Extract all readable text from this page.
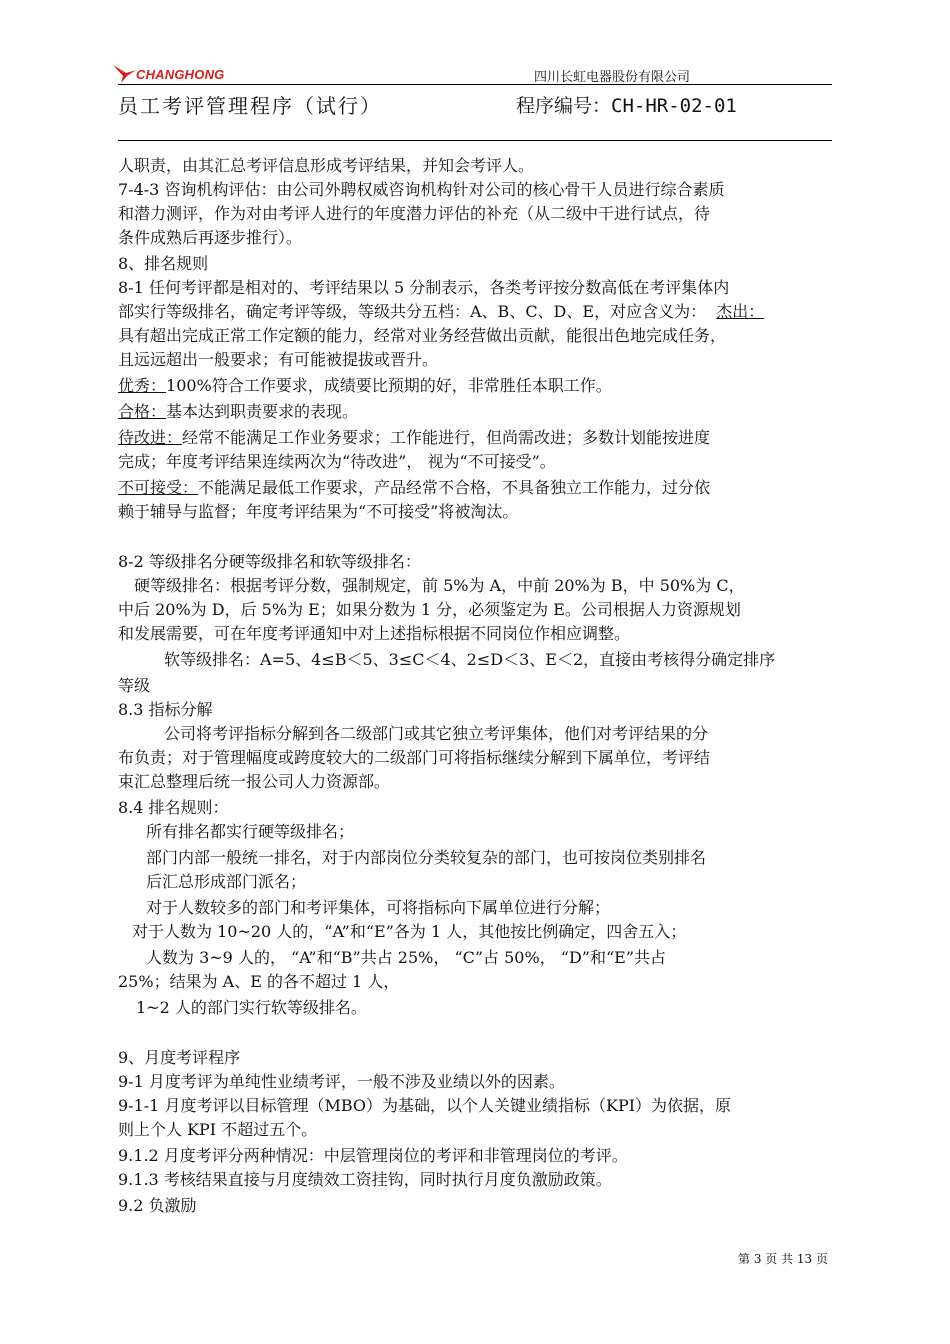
CHANGHONG	四川长虹电器股份有限公司
员工考评管理程序（试行）	程序编号：CH-HR-02-01
人职责，由其汇总考评信息形成考评结果，并知会考评人。
7-4-3 咨询机构评估：由公司外聘权威咨询机构针对公司的核心骨干人员进行综合素质
和潜力测评，作为对由考评人进行的年度潜力评估的补充（从二级中干进行试点，待
条件成熟后再逐步推行）。
8、排名规则
8-1 任何考评都是相对的、考评结果以 5 分制表示，各类考评按分数高低在考评集体内
部实行等级排名，确定考评等级，等级共分五档：A、B、C、D、E，对应含义为： 杰出：
具有超出完成正常工作定额的能力，经常对业务经营做出贡献，能很出色地完成任务，
且远远超出一般要求；有可能被提拔或晋升。
优秀：100%符合工作要求，成绩要比预期的好，非常胜任本职工作。
合格：基本达到职责要求的表现。
待改进：经常不能满足工作业务要求；工作能进行，但尚需改进；多数计划能按进度
完成；年度考评结果连续两次为“待改进”， 视为“不可接受”。
不可接受：不能满足最低工作要求，产品经常不合格，不具备独立工作能力，过分依
赖于辅导与监督；年度考评结果为“不可接受”将被淘汰。
8-2 等级排名分硬等级排名和软等级排名：
硬等级排名：根据考评分数，强制规定，前 5%为 A，中前 20%为 B，中 50%为 C，
中后 20%为 D，后 5%为 E；如果分数为 1 分，必须鉴定为 E。公司根据人力资源规划
和发展需要，可在年度考评通知中对上述指标根据不同岗位作相应调整。
软等级排名：A=5、4≤B＜5、3≤C＜4、2≤D＜3、E＜2，直接由考核得分确定排序
等级
8.3 指标分解
公司将考评指标分解到各二级部门或其它独立考评集体，他们对考评结果的分
布负责；对于管理幅度或跨度较大的二级部门可将指标继续分解到下属单位，考评结
束汇总整理后统一报公司人力资源部。
8.4 排名规则：
所有排名都实行硬等级排名；
部门内部一般统一排名，对于内部岗位分类较复杂的部门，也可按岗位类别排名
后汇总形成部门派名；
对于人数较多的部门和考评集体，可将指标向下属单位进行分解；
对于人数为 10~20 人的，“A”和“E”各为 1 人，其他按比例确定，四舍五入；
人数为 3~9 人的， “A”和“B”共占 25%， “C”占 50%， “D”和“E”共占
25%；结果为 A、E 的各不超过 1 人，
1~2 人的部门实行软等级排名。
9、月度考评程序
9-1 月度考评为单纯性业绩考评，一般不涉及业绩以外的因素。
9-1-1 月度考评以目标管理（MBO）为基础，以个人关键业绩指标（KPI）为依据，原
则上个人 KPI 不超过五个。
9.1.2 月度考评分两种情况：中层管理岗位的考评和非管理岗位的考评。
9.1.3 考核结果直接与月度绩效工资挂钩，同时执行月度负激励政策。
9.2 负激励
第 3 页 共 13 页
